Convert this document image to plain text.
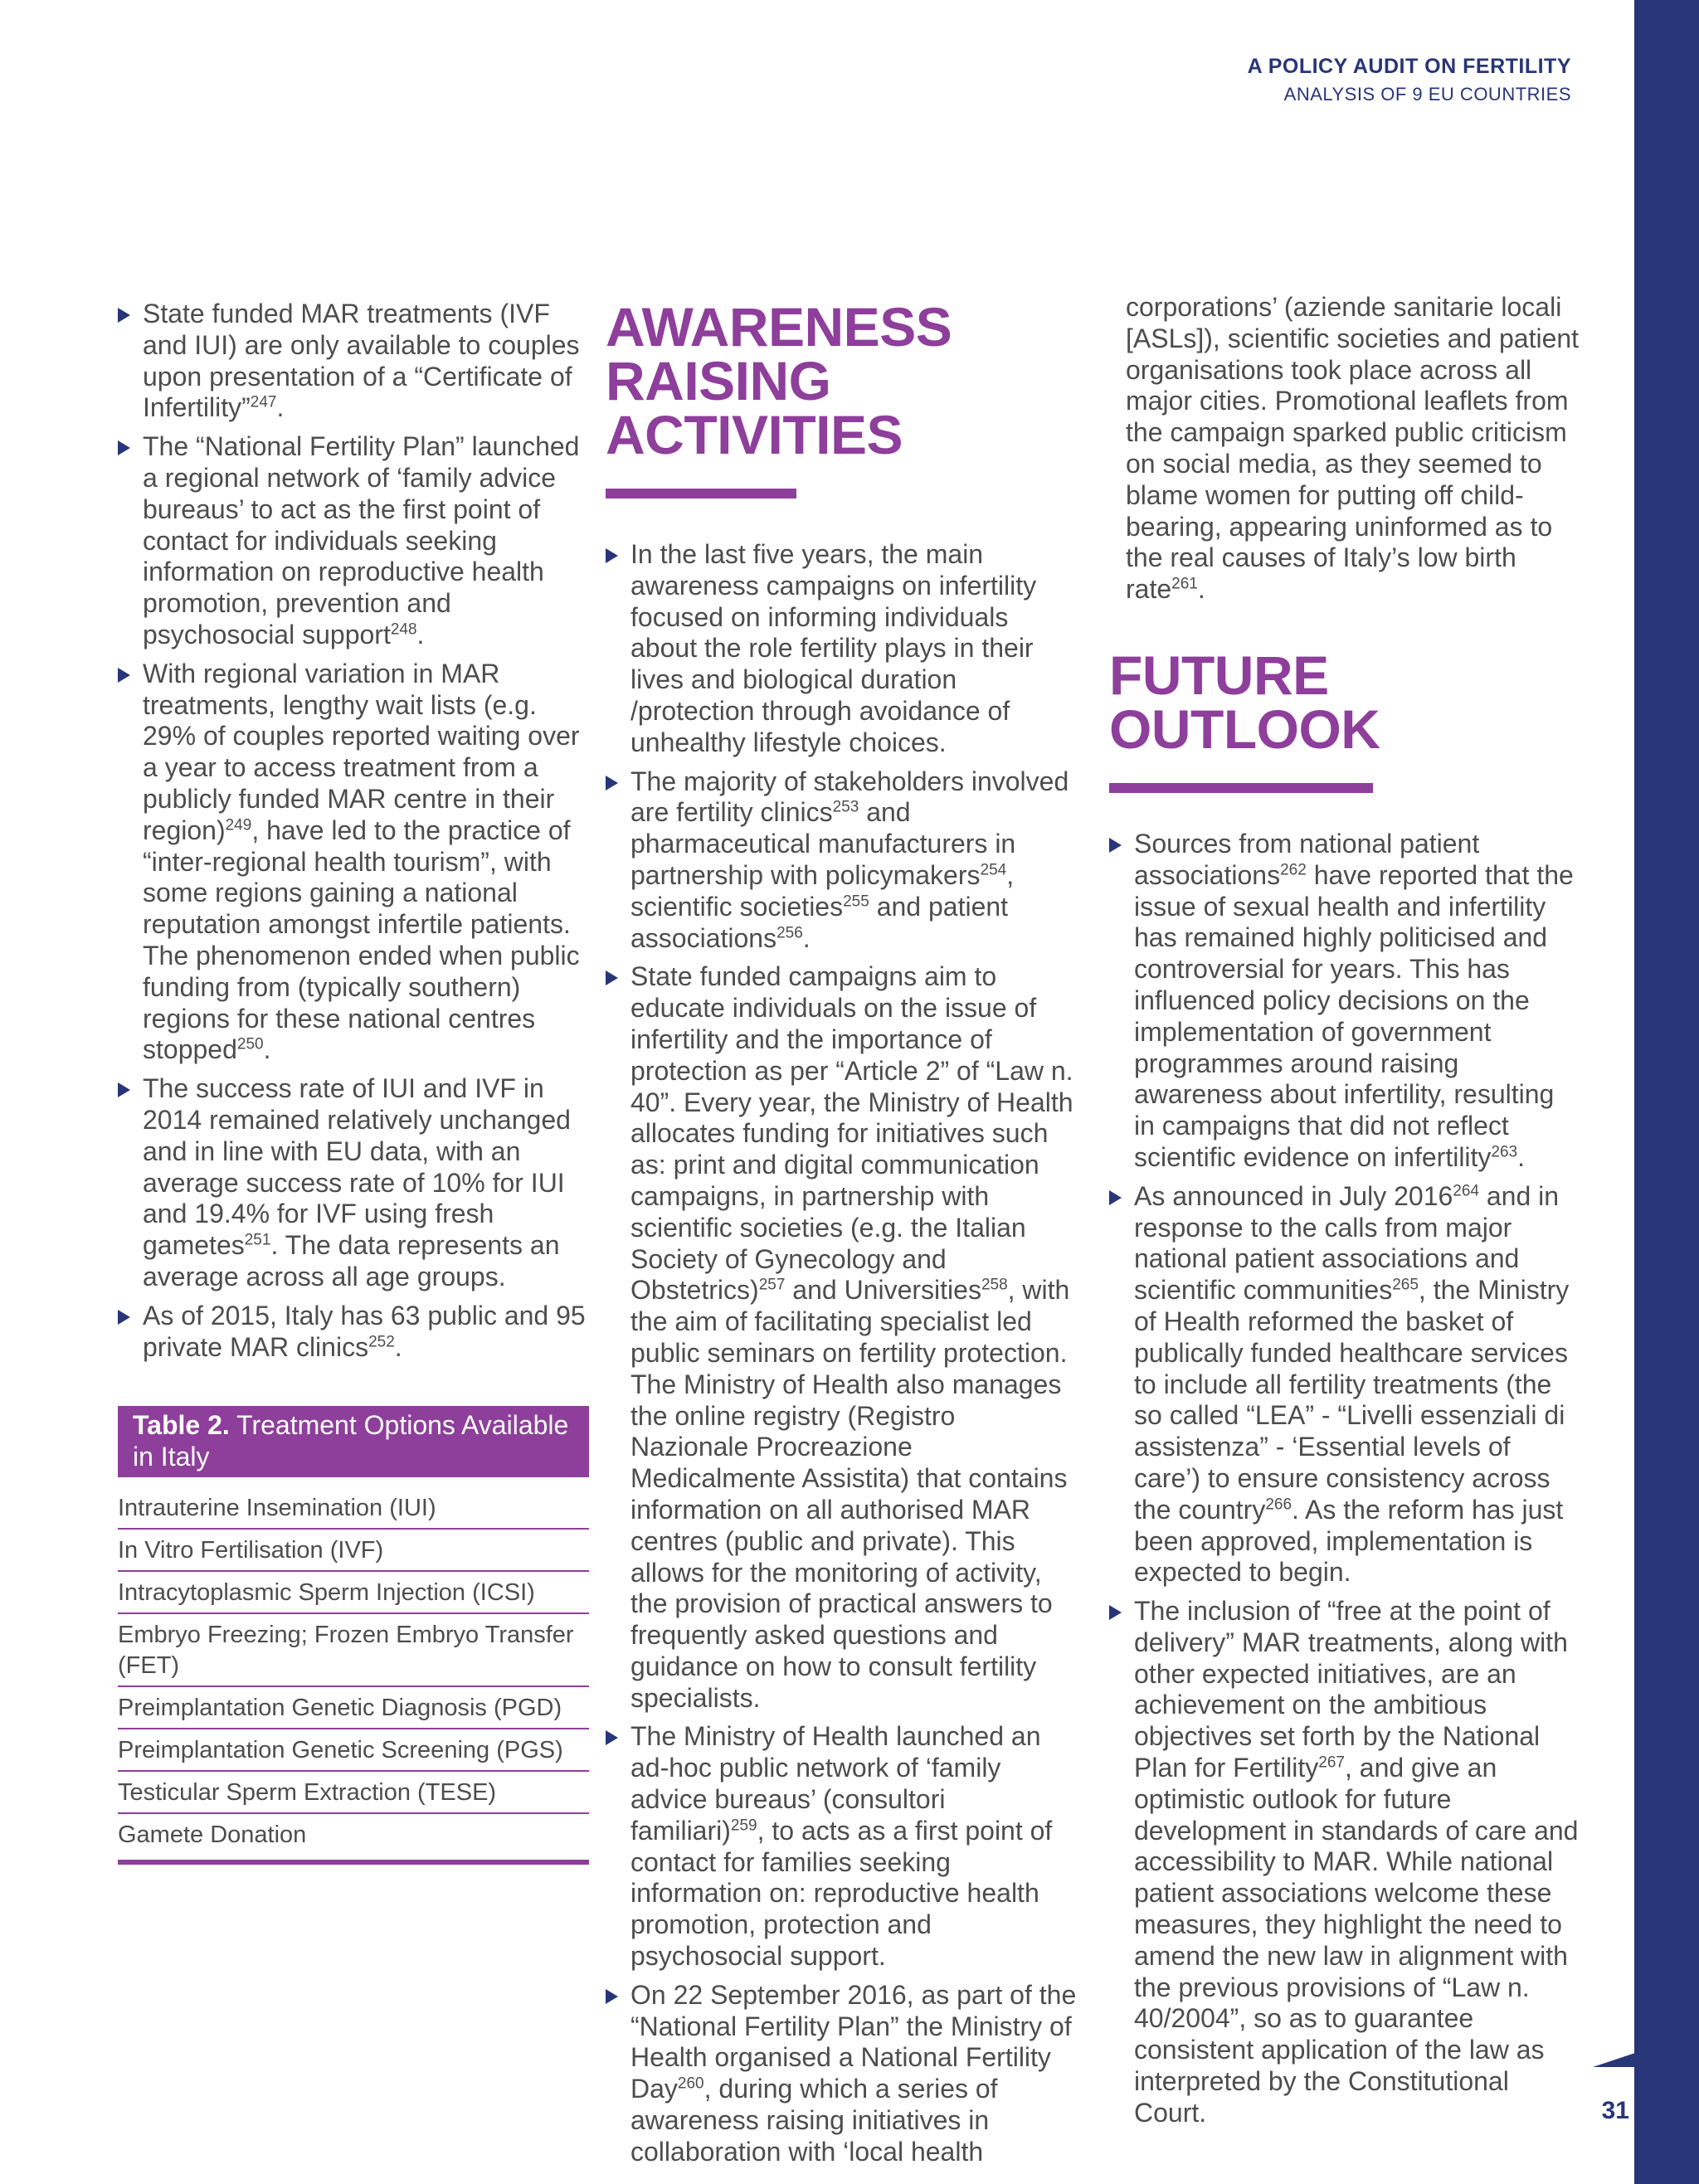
A POLICY AUDIT ON FERTILITY
ANALYSIS OF 9 EU COUNTRIES
State funded MAR treatments (IVF and IUI) are only available to couples upon presentation of a “Certificate of Infertility”$^{247}$.
The “National Fertility Plan” launched a regional network of ‘family advice bureaus’ to act as the first point of contact for individuals seeking information on reproductive health promotion, prevention and psychosocial support$^{248}$.
With regional variation in MAR treatments, lengthy wait lists (e.g. 29% of couples reported waiting over a year to access treatment from a publicly funded MAR centre in their region)$^{249}$, have led to the practice of “inter-regional health tourism”, with some regions gaining a national reputation amongst infertile patients. The phenomenon ended when public funding from (typically southern) regions for these national centres stopped$^{250}$.
The success rate of IUI and IVF in 2014 remained relatively unchanged and in line with EU data, with an average success rate of 10% for IUI and 19.4% for IVF using fresh gametes$^{251}$. The data represents an average across all age groups.
As of 2015, Italy has 63 public and 95 private MAR clinics$^{252}$.
Table 2. Treatment Options Available in Italy
Intrauterine Insemination (IUI)
In Vitro Fertilisation (IVF)
Intracytoplasmic Sperm Injection (ICSI)
Embryo Freezing; Frozen Embryo Transfer (FET)
Preimplantation Genetic Diagnosis (PGD)
Preimplantation Genetic Screening (PGS)
Testicular Sperm Extraction (TESE)
Gamete Donation
AWARENESS
RAISING
ACTIVITIES
In the last five years, the main awareness campaigns on infertility focused on informing individuals about the role fertility plays in their lives and biological duration /protection through avoidance of unhealthy lifestyle choices.
The majority of stakeholders involved are fertility clinics$^{253}$ and pharmaceutical manufacturers in partnership with policymakers$^{254}$, scientific societies$^{255}$ and patient associations$^{256}$.
State funded campaigns aim to educate individuals on the issue of infertility and the importance of protection as per “Article 2” of “Law n. 40”. Every year, the Ministry of Health allocates funding for initiatives such as: print and digital communication campaigns, in partnership with scientific societies (e.g. the Italian Society of Gynecology and Obstetrics)$^{257}$ and Universities$^{258}$, with the aim of facilitating specialist led public seminars on fertility protection. The Ministry of Health also manages the online registry (Registro Nazionale Procreazione Medicalmente Assistita) that contains information on all authorised MAR centres (public and private). This allows for the monitoring of activity, the provision of practical answers to frequently asked questions and guidance on how to consult fertility specialists.
The Ministry of Health launched an ad-hoc public network of ‘family advice bureaus’ (consultori familiari)$^{259}$, to acts as a first point of contact for families seeking information on: reproductive health promotion, protection and psychosocial support.
On 22 September 2016, as part of the “National Fertility Plan” the Ministry of Health organised a National Fertility Day$^{260}$, during which a series of awareness raising initiatives in collaboration with ‘local health
corporations’ (aziende sanitarie locali [ASLs]), scientific societies and patient organisations took place across all major cities. Promotional leaflets from the campaign sparked public criticism on social media, as they seemed to blame women for putting off child-bearing, appearing uninformed as to the real causes of Italy’s low birth rate$^{261}$.
FUTURE
OUTLOOK
Sources from national patient associations$^{262}$ have reported that the issue of sexual health and infertility has remained highly politicised and controversial for years. This has influenced policy decisions on the implementation of government programmes around raising awareness about infertility, resulting in campaigns that did not reflect scientific evidence on infertility$^{263}$.
As announced in July 2016$^{264}$ and in response to the calls from major national patient associations and scientific communities$^{265}$, the Ministry of Health reformed the basket of publically funded healthcare services to include all fertility treatments (the so called “LEA” - “Livelli essenziali di assistenza” - ‘Essential levels of care’) to ensure consistency across the country$^{266}$. As the reform has just been approved, implementation is expected to begin.
The inclusion of “free at the point of delivery” MAR treatments, along with other expected initiatives, are an achievement on the ambitious objectives set forth by the National Plan for Fertility$^{267}$, and give an optimistic outlook for future development in standards of care and accessibility to MAR. While national patient associations welcome these measures, they highlight the need to amend the new law in alignment with the previous provisions of “Law n. 40/2004”, so as to guarantee consistent application of the law as interpreted by the Constitutional Court.	31
